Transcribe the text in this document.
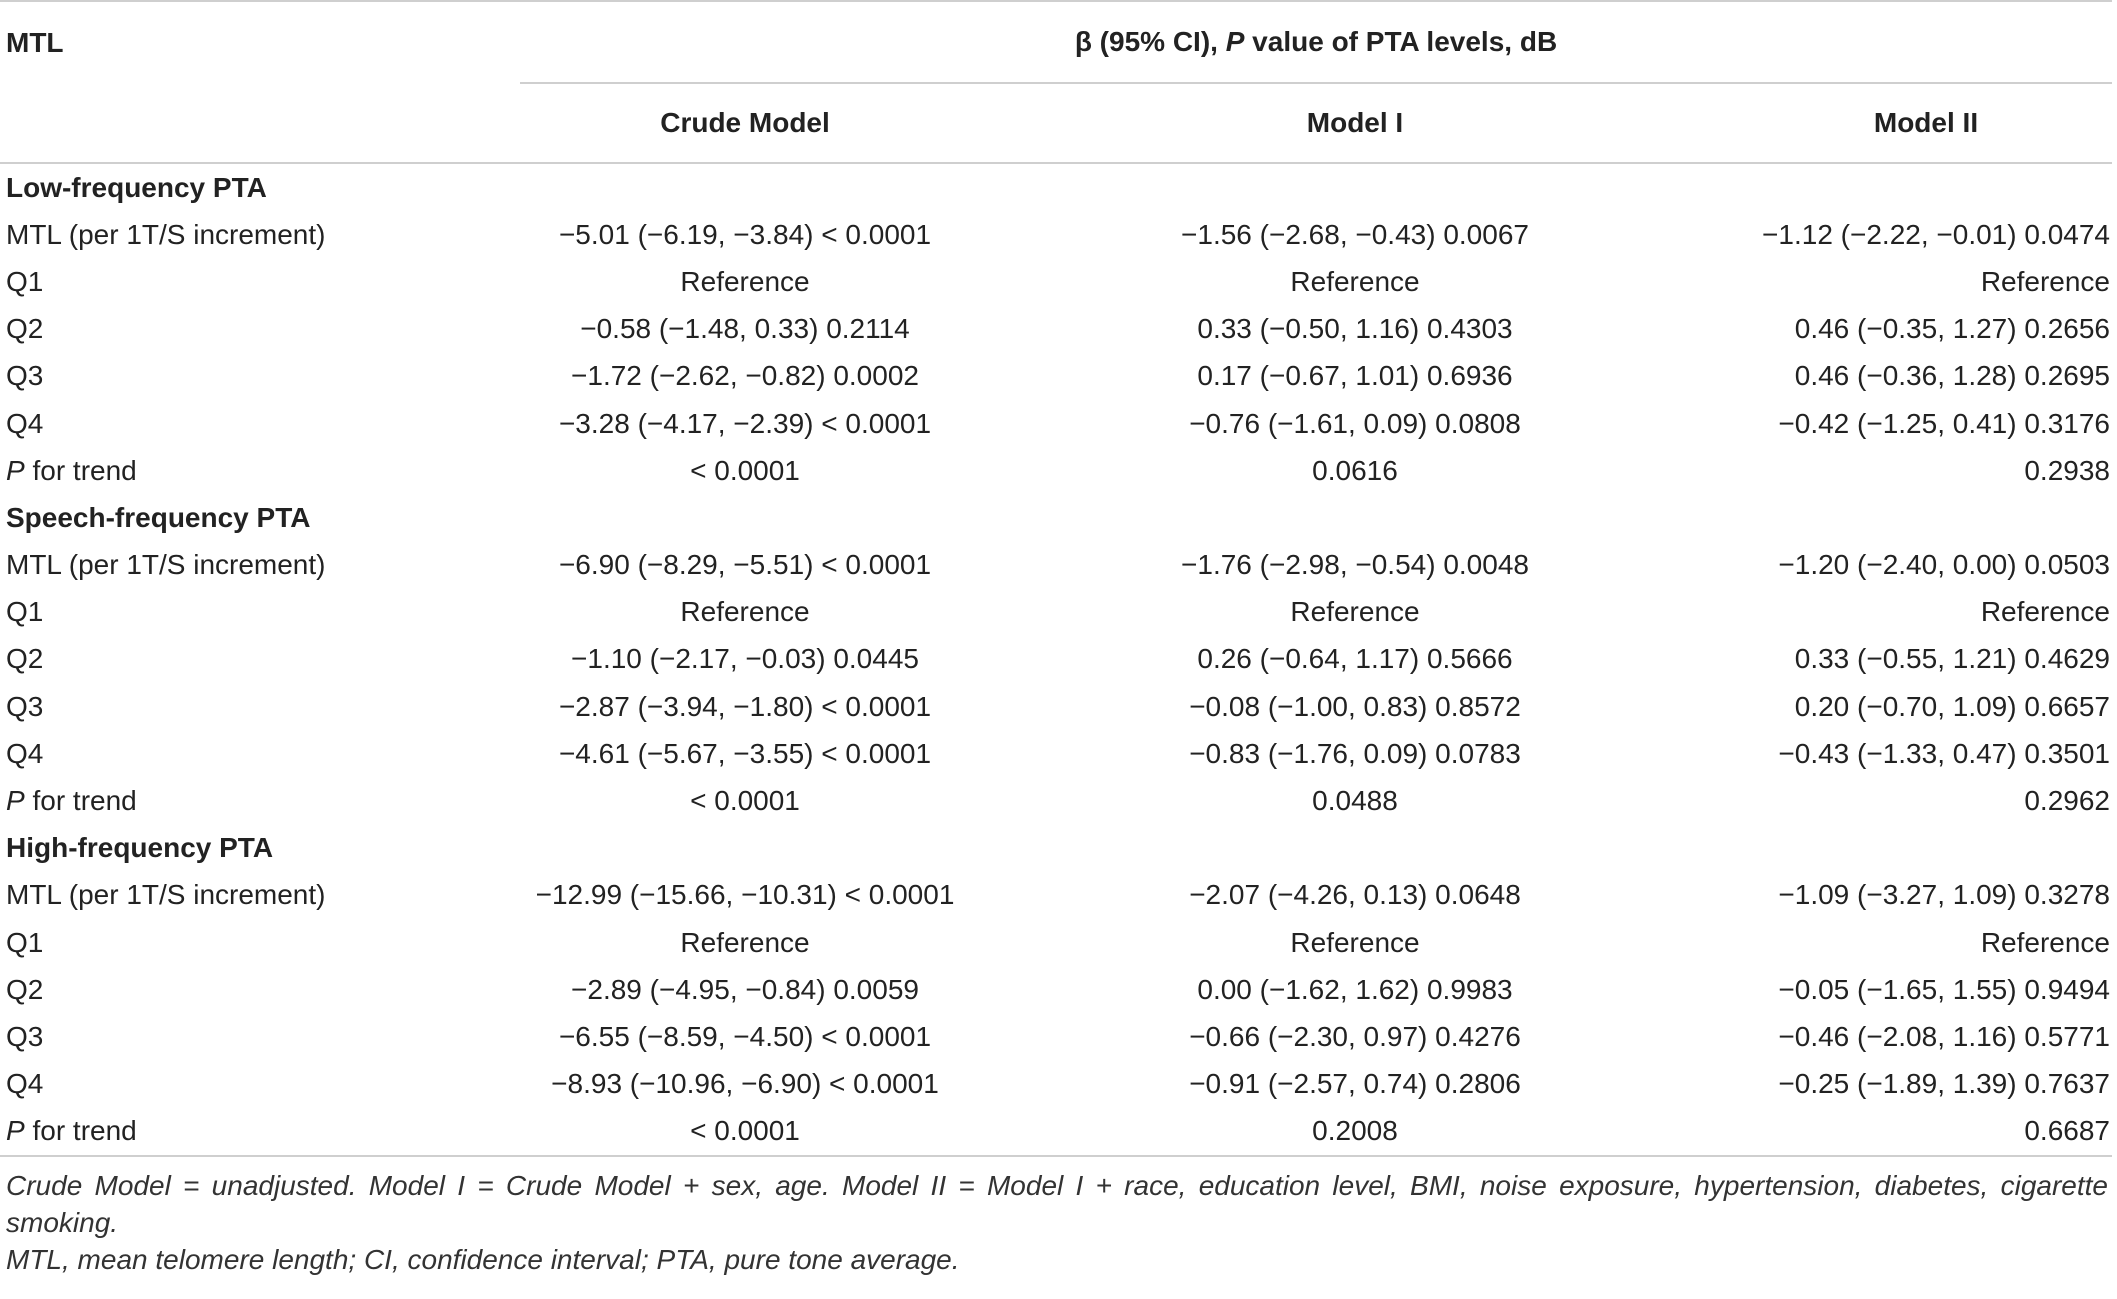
MTL	β (95% CI), P value of PTA levels, dB		
	Crude Model	Model I	Model II
Low-frequency PTA			
MTL (per 1T/S increment)	−5.01 (−6.19, −3.84) < 0.0001	−1.56 (−2.68, −0.43) 0.0067	−1.12 (−2.22, −0.01) 0.0474
Q1	Reference	Reference	Reference
Q2	−0.58 (−1.48, 0.33) 0.2114	0.33 (−0.50, 1.16) 0.4303	0.46 (−0.35, 1.27) 0.2656
Q3	−1.72 (−2.62, −0.82) 0.0002	0.17 (−0.67, 1.01) 0.6936	0.46 (−0.36, 1.28) 0.2695
Q4	−3.28 (−4.17, −2.39) < 0.0001	−0.76 (−1.61, 0.09) 0.0808	−0.42 (−1.25, 0.41) 0.3176
P for trend	< 0.0001	0.0616	0.2938
Speech-frequency PTA			
MTL (per 1T/S increment)	−6.90 (−8.29, −5.51) < 0.0001	−1.76 (−2.98, −0.54) 0.0048	−1.20 (−2.40, 0.00) 0.0503
Q1	Reference	Reference	Reference
Q2	−1.10 (−2.17, −0.03) 0.0445	0.26 (−0.64, 1.17) 0.5666	0.33 (−0.55, 1.21) 0.4629
Q3	−2.87 (−3.94, −1.80) < 0.0001	−0.08 (−1.00, 0.83) 0.8572	0.20 (−0.70, 1.09) 0.6657
Q4	−4.61 (−5.67, −3.55) < 0.0001	−0.83 (−1.76, 0.09) 0.0783	−0.43 (−1.33, 0.47) 0.3501
P for trend	< 0.0001	0.0488	0.2962
High-frequency PTA			
MTL (per 1T/S increment)	−12.99 (−15.66, −10.31) < 0.0001	−2.07 (−4.26, 0.13) 0.0648	−1.09 (−3.27, 1.09) 0.3278
Q1	Reference	Reference	Reference
Q2	−2.89 (−4.95, −0.84) 0.0059	0.00 (−1.62, 1.62) 0.9983	−0.05 (−1.65, 1.55) 0.9494
Q3	−6.55 (−8.59, −4.50) < 0.0001	−0.66 (−2.30, 0.97) 0.4276	−0.46 (−2.08, 1.16) 0.5771
Q4	−8.93 (−10.96, −6.90) < 0.0001	−0.91 (−2.57, 0.74) 0.2806	−0.25 (−1.89, 1.39) 0.7637
P for trend	< 0.0001	0.2008	0.6687

Crude Model = unadjusted. Model I = Crude Model + sex, age. Model II = Model I + race, education level, BMI, noise exposure, hypertension, diabetes, cigarette smoking.

MTL, mean telomere length; CI, confidence interval; PTA, pure tone average.
